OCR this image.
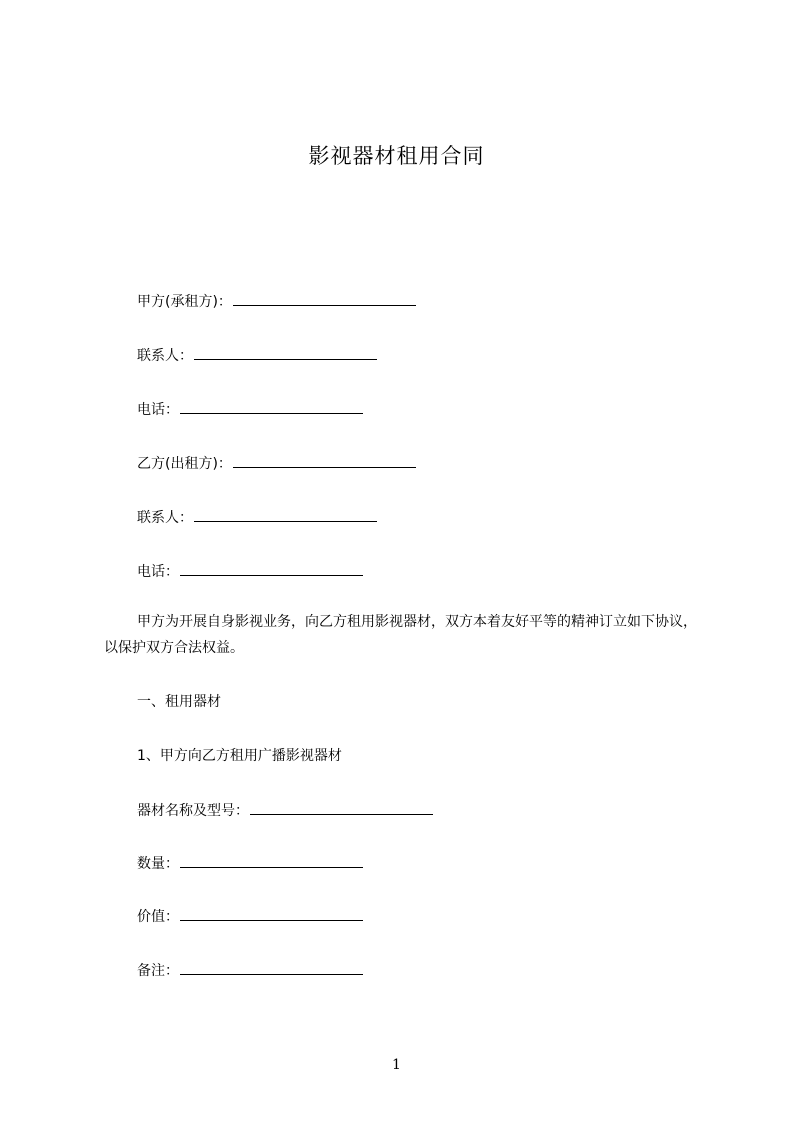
影视器材租用合同
甲方(承租方)：
联系人：
电话：
乙方(出租方)：
联系人：
电话：
甲方为开展自身影视业务，向乙方租用影视器材，双方本着友好平等的精神订立如下协议，以保护双方合法权益。
一、租用器材
1、甲方向乙方租用广播影视器材
器材名称及型号：
数量：
价值：
备注：
1
